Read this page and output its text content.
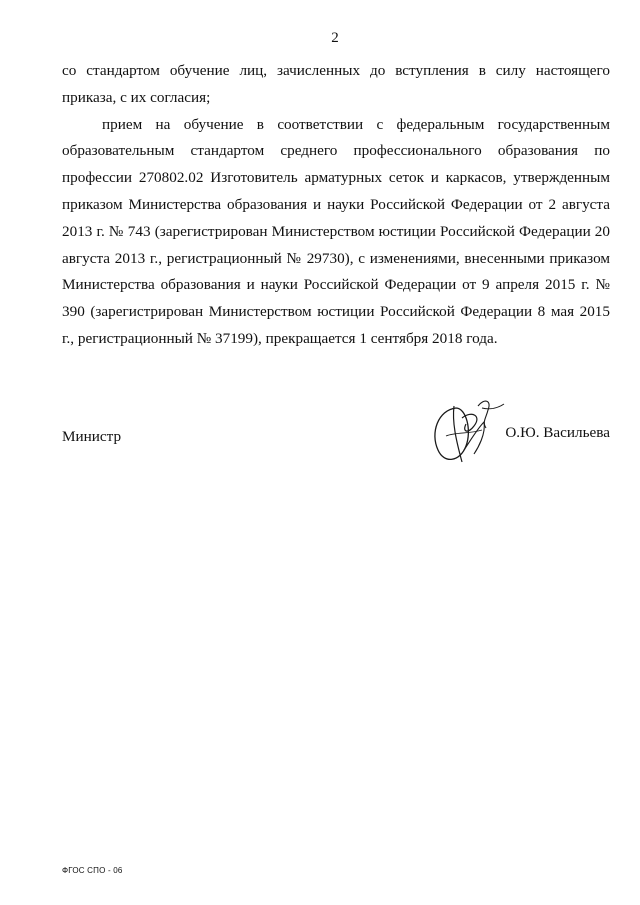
2

со стандартом обучение лиц, зачисленных до вступления в силу настоящего приказа, с их согласия;

прием на обучение в соответствии с федеральным государственным образовательным стандартом среднего профессионального образования по профессии 270802.02 Изготовитель арматурных сеток и каркасов, утвержденным приказом Министерства образования и науки Российской Федерации от 2 августа 2013 г. № 743 (зарегистрирован Министерством юстиции Российской Федерации 20 августа 2013 г., регистрационный № 29730), с изменениями, внесенными приказом Министерства образования и науки Российской Федерации от 9 апреля 2015 г. № 390 (зарегистрирован Министерством юстиции Российской Федерации 8 мая 2015 г., регистрационный № 37199), прекращается 1 сентября 2018 года.

Министр	О.Ю. Васильева
ФГОС СПО - 06
